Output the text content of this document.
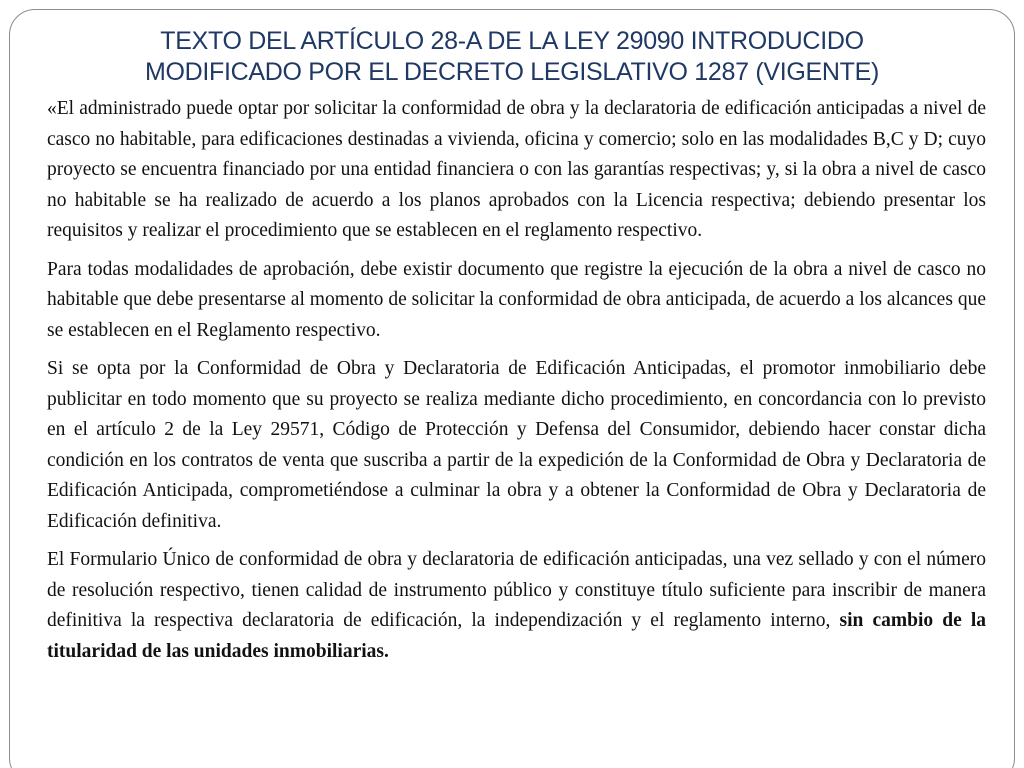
TEXTO DEL ARTÍCULO 28-A DE LA LEY 29090 INTRODUCIDO
MODIFICADO POR EL DECRETO LEGISLATIVO 1287 (VIGENTE)

«El administrado puede optar por solicitar la conformidad de obra y la declaratoria de edificación anticipadas a nivel de casco no habitable, para edificaciones destinadas a vivienda, oficina y comercio; solo en las modalidades B,C y D; cuyo proyecto se encuentra financiado por una entidad financiera o con las garantías respectivas; y, si la obra a nivel de casco no habitable se ha realizado de acuerdo a los planos aprobados con la Licencia respectiva; debiendo presentar los requisitos y realizar el procedimiento que se establecen en el reglamento respectivo.

Para todas modalidades de aprobación, debe existir documento que registre la ejecución de la obra a nivel de casco no habitable que debe presentarse al momento de solicitar la conformidad de obra anticipada, de acuerdo a los alcances que se establecen en el Reglamento respectivo.

Si se opta por la Conformidad de Obra y Declaratoria de Edificación Anticipadas, el promotor inmobiliario debe publicitar en todo momento que su proyecto se realiza mediante dicho procedimiento, en concordancia con lo previsto en el artículo 2 de la Ley 29571, Código de Protección y Defensa del Consumidor, debiendo hacer constar dicha condición en los contratos de venta que suscriba a partir de la expedición de la Conformidad de Obra y Declaratoria de Edificación Anticipada, comprometiéndose a culminar la obra y a obtener la Conformidad de Obra y Declaratoria de Edificación definitiva.

El Formulario Único de conformidad de obra y declaratoria de edificación anticipadas, una vez sellado y con el número de resolución respectivo, tienen calidad de instrumento público y constituye título suficiente para inscribir de manera definitiva la respectiva declaratoria de edificación, la independización y el reglamento interno, sin cambio de la titularidad de las unidades inmobiliarias.
